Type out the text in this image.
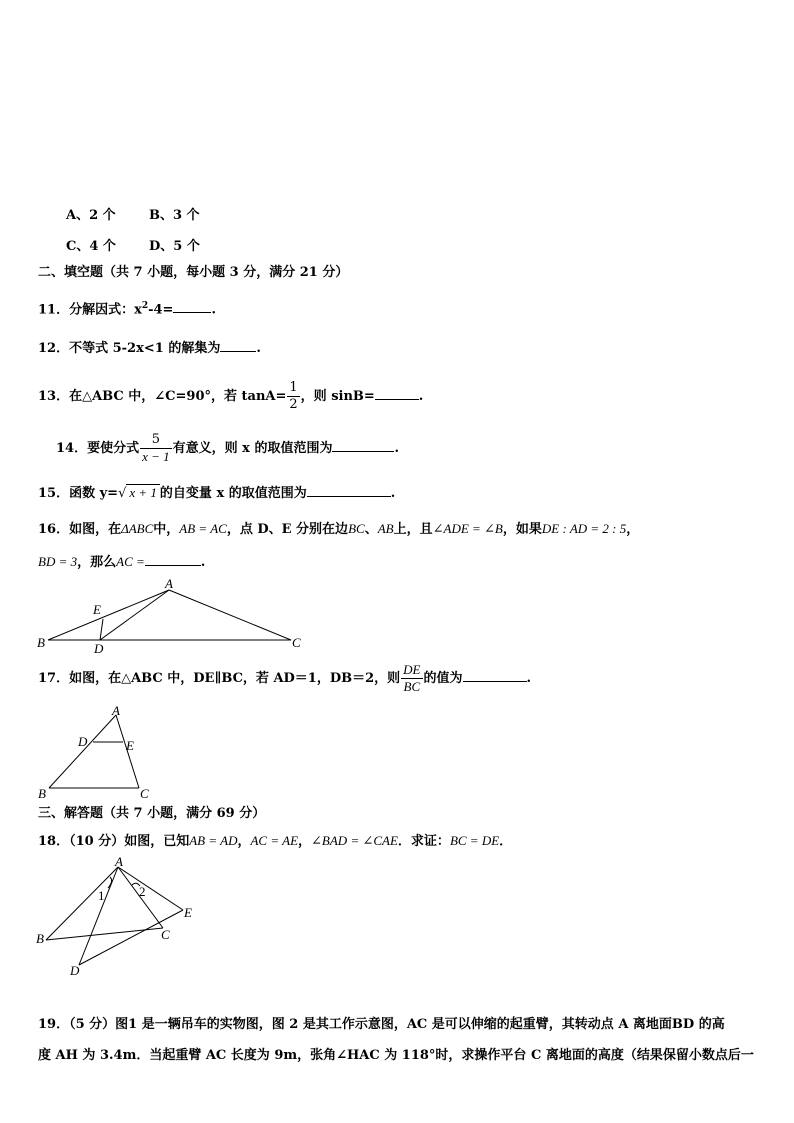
A、2 个	B、3 个
C、4 个	D、5 个
二、填空题（共 7 小题，每小题 3 分，满分 21 分）
11．分解因式：$x^2-4=$	.
12．不等式 5-2x<1 的解集为	.
13．在△ABC 中，∠C=90°，若 $\tan A= \frac{1}{2}$ ，则 sinB=	.
14．要使分式 $\frac{5}{x - 1}$ 有意义，则 x 的取值范围为	.
15．函数 y=√ x + 1 的自变量 x 的取值范围为	.
16．如图，在ΔABC中，AB = AC，点 D、E 分别在边BC、AB上，且∠ADE = ∠B，如果DE : AD = 2 : 5，
BD = 3，那么AC =	.
A
B	C
D
E
17．如图，在△ABC 中，DE∥BC，若 AD＝1，DB＝2，则 $\frac{DE}{BC}$ 的值为	.
A
B	C
D	E
三、解答题（共 7 小题，满分 69 分）
18．（10 分）如图，已知AB = AD，AC = AE，∠BAD = ∠CAE．求证：BC = DE．
A
B	C
D
E
1	2
19．（5 分）图1 是一辆吊车的实物图，图 2 是其工作示意图，AC 是可以伸缩的起重臂，其转动点 A 离地面BD 的高
度 AH 为 3.4m．当起重臂 AC 长度为 9m，张角∠HAC 为 118°时，求操作平台 C 离地面的高度（结果保留小数点后一
